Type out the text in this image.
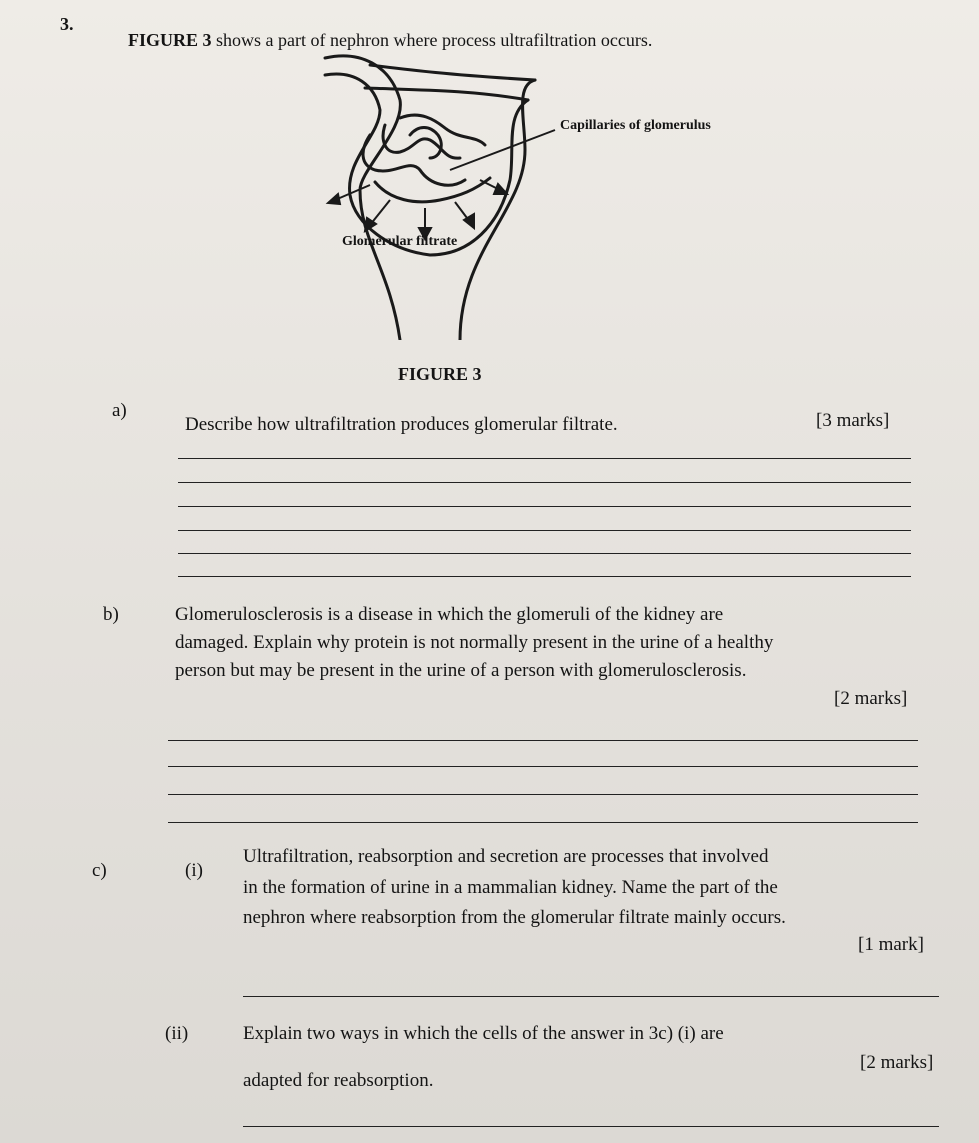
3.
FIGURE 3 shows a part of nephron where process ultrafiltration occurs.
Capillaries of glomerulus
Glomerular filtrate
FIGURE 3
a)
Describe how ultrafiltration produces glomerular filtrate.	[3 marks]
b)	Glomerulosclerosis is a disease in which the glomeruli of the kidney are
damaged. Explain why protein is not normally present in the urine of a healthy
person but may be present in the urine of a person with glomerulosclerosis.
[2 marks]
c)	(i)
Ultrafiltration, reabsorption and secretion are processes that involved
in the formation of urine in a mammalian kidney. Name the part of the
nephron where reabsorption from the glomerular filtrate mainly occurs.
[1 mark]
(ii)	Explain two ways in which the cells of the answer in 3c) (i) are
adapted for reabsorption.
[2 marks]
